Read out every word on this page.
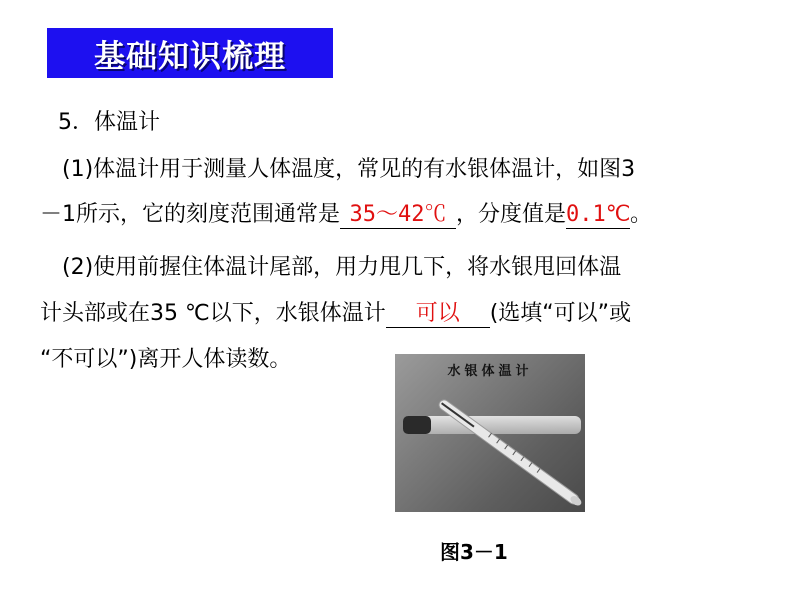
基础知识梳理
5．体温计
(1)体温计用于测量人体温度，常见的有水银体温计，如图3
－1所示，它的刻度范围通常是 35～42℃ ，分度值是0.1℃。
(2)使用前握住体温计尾部，用力甩几下，将水银甩回体温
计头部或在35 ℃以下，水银体温计 可以 (选填“可以”或
“不可以”)离开人体读数。	水银体温计
图3－1
